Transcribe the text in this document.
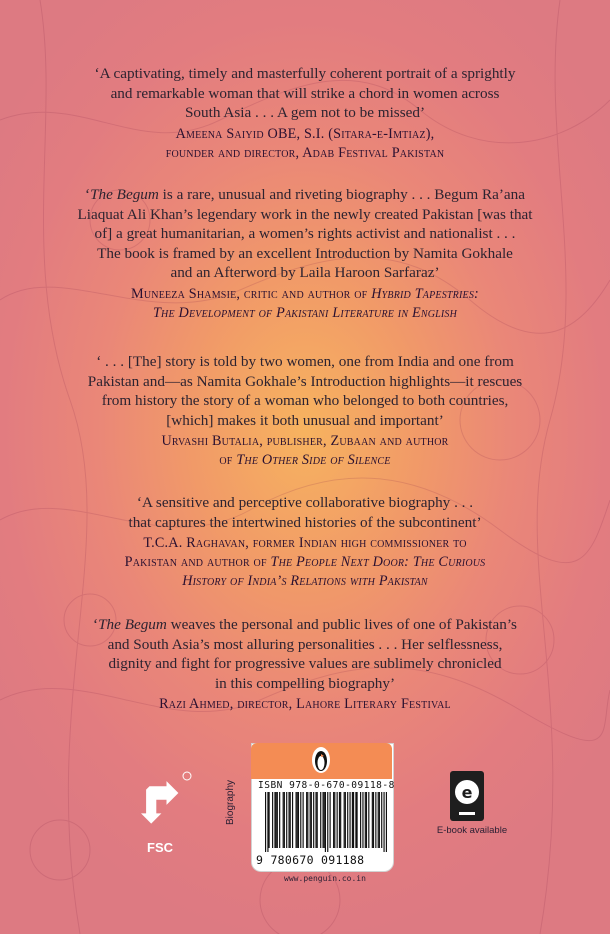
‘A captivating, timely and masterfully coherent portrait of a sprightly

and remarkable woman that will strike a chord in women across

South Asia . . . A gem not to be missed’

Ameena Saiyid OBE, S.I. (Sitara-e-Imtiaz),
founder and director, Adab Festival Pakistan

‘The Begum is a rare, unusual and riveting biography . . . Begum Ra’ana

Liaquat Ali Khan’s legendary work in the newly created Pakistan [was that

of] a great humanitarian, a women’s rights activist and nationalist . . .

The book is framed by an excellent Introduction by Namita Gokhale

and an Afterword by Laila Haroon Sarfaraz’

Muneeza Shamsie, critic and author of Hybrid Tapestries:
The Development of Pakistani Literature in English

‘ . . . [The] story is told by two women, one from India and one from

Pakistan and—as Namita Gokhale’s Introduction highlights—it rescues

from history the story of a woman who belonged to both countries,

[which] makes it both unusual and important’

Urvashi Butalia, publisher, Zubaan and author
of The Other Side of Silence

‘A sensitive and perceptive collaborative biography . . .

that captures the intertwined histories of the subcontinent’

T.C.A. Raghavan, former Indian high commissioner to
Pakistan and author of The People Next Door: The Curious
History of India’s Relations with Pakistan

‘The Begum weaves the personal and public lives of one of Pakistan’s

and South Asia’s most alluring personalities . . . Her selflessness,

dignity and fight for progressive values are sublimely chronicled

in this compelling biography’

Razi Ahmed, director, Lahore Literary Festival
FSC
Biography ISBN 978-0-670-09118-8
9 780670 091188
www.penguin.co.in
e
E-book available
